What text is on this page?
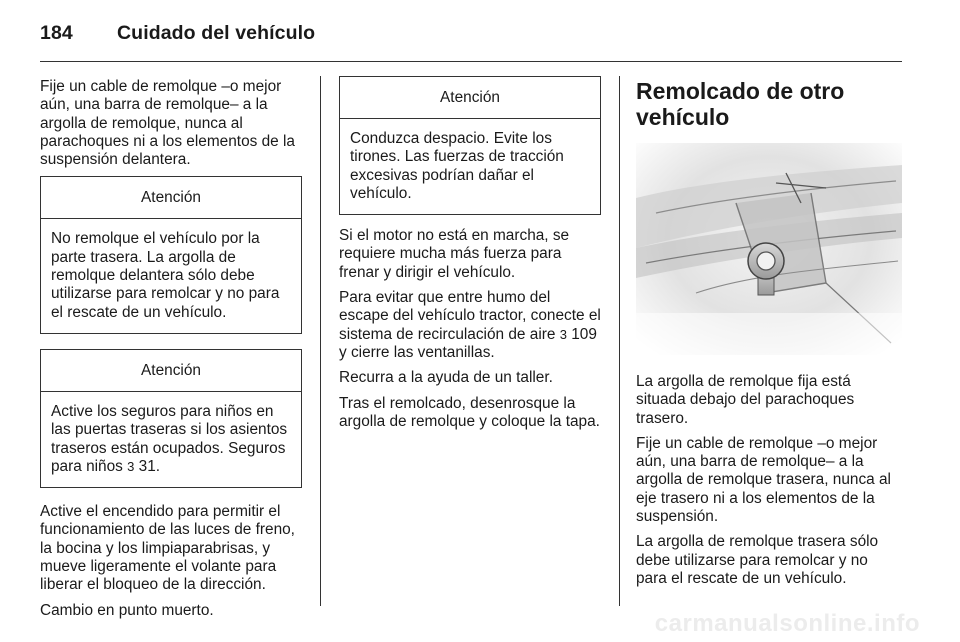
184 Cuidado del vehículo

Fije un cable de remolque –o mejor aún, una barra de remolque– a la argolla de remolque, nunca al parachoques ni a los elementos de la suspensión delantera.

Atención
No remolque el vehículo por la parte trasera. La argolla de remolque delantera sólo debe utilizarse para remolcar y no para el rescate de un vehículo.
Atención
Active los seguros para niños en las puertas traseras si los asientos traseros están ocupados. Seguros para niños 3 31.

Active el encendido para permitir el funcionamiento de las luces de freno, la bocina y los limpiaparabrisas, y mueve ligeramente el volante para liberar el bloqueo de la dirección.

Cambio en punto muerto.

Atención
Conduzca despacio. Evite los tirones. Las fuerzas de tracción excesivas podrían dañar el vehículo.

Si el motor no está en marcha, se requiere mucha más fuerza para frenar y dirigir el vehículo.

Para evitar que entre humo del escape del vehículo tractor, conecte el sistema de recirculación de aire 3 109 y cierre las ventanillas.

Recurra a la ayuda de un taller.

Tras el remolcado, desenrosque la argolla de remolque y coloque la tapa.

Remolcado de otro vehículo

La argolla de remolque fija está situada debajo del parachoques trasero.

Fije un cable de remolque –o mejor aún, una barra de remolque– a la argolla de remolque trasera, nunca al eje trasero ni a los elementos de la suspensión.

La argolla de remolque trasera sólo debe utilizarse para remolcar y no para el rescate de un vehículo.

carmanualsonline.info
